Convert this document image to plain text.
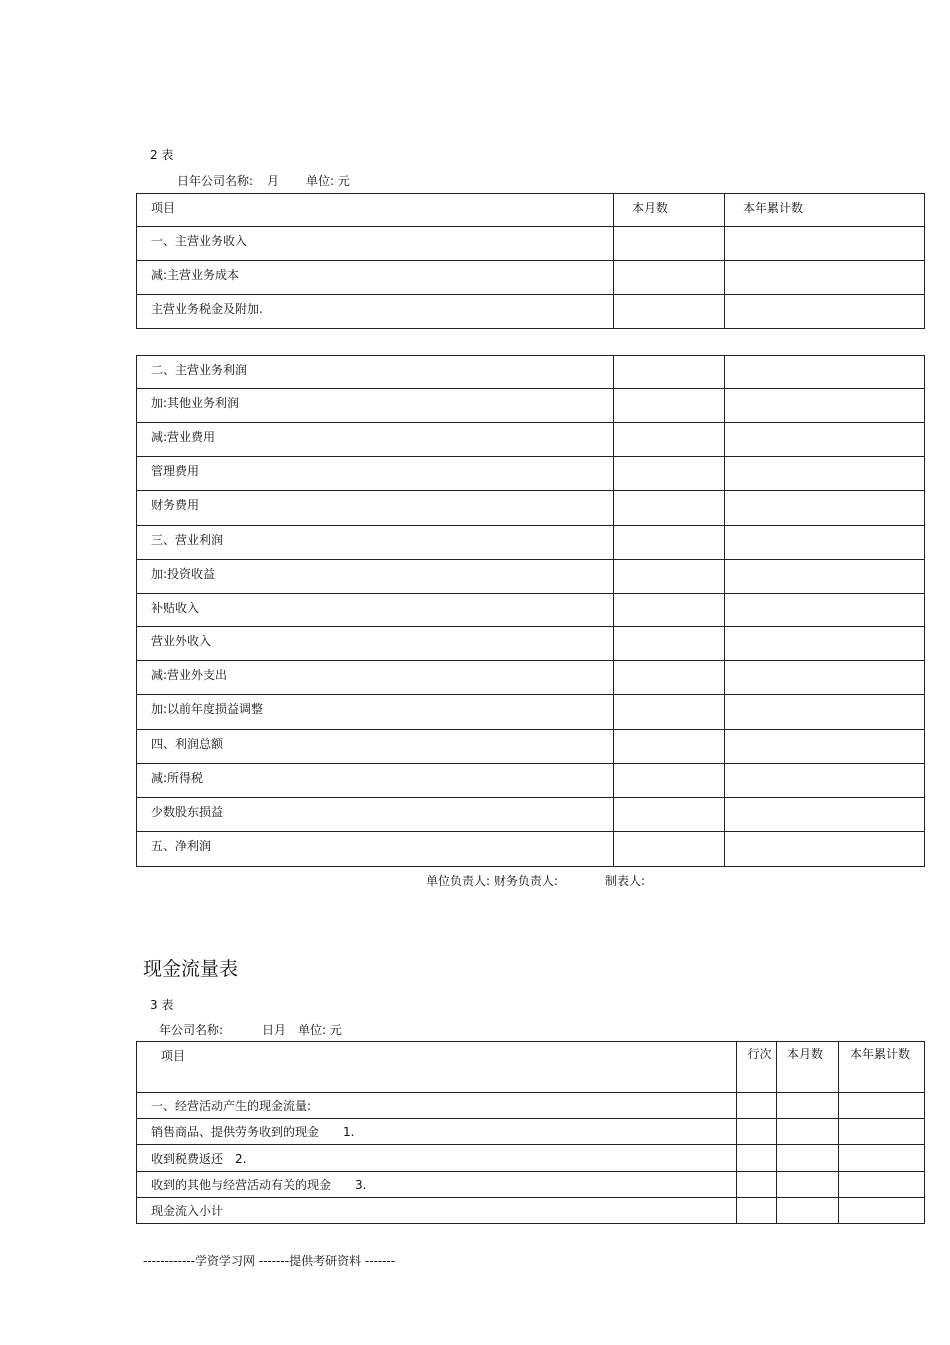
2 表
日年公司名称: 月 单位: 元
项目	本月数	本年累计数
一、主营业务收入		
减:主营业务成本		
主营业务税金及附加.		
二、主营业务利润		
加:其他业务利润		
减:营业费用		
管理费用		
财务费用		
三、营业利润		
加:投资收益		
补贴收入		
营业外收入		
减:营业外支出		
加:以前年度损益调整		
四、利润总额		
减:所得税		
少数股东损益		
五、净利润		
单位负责人: 财务负责人:	制表人:
现金流量表
3 表
年公司名称:	日月 单位: 元
项目	行次	本月数	本年累计数
一、经营活动产生的现金流量:			
销售商品、提供劳务收到的现金 1.			
收到税费返还 2.			
收到的其他与经营活动有关的现金 3.			
现金流入小计			
------------学资学习网 -------提供考研资料 -------
